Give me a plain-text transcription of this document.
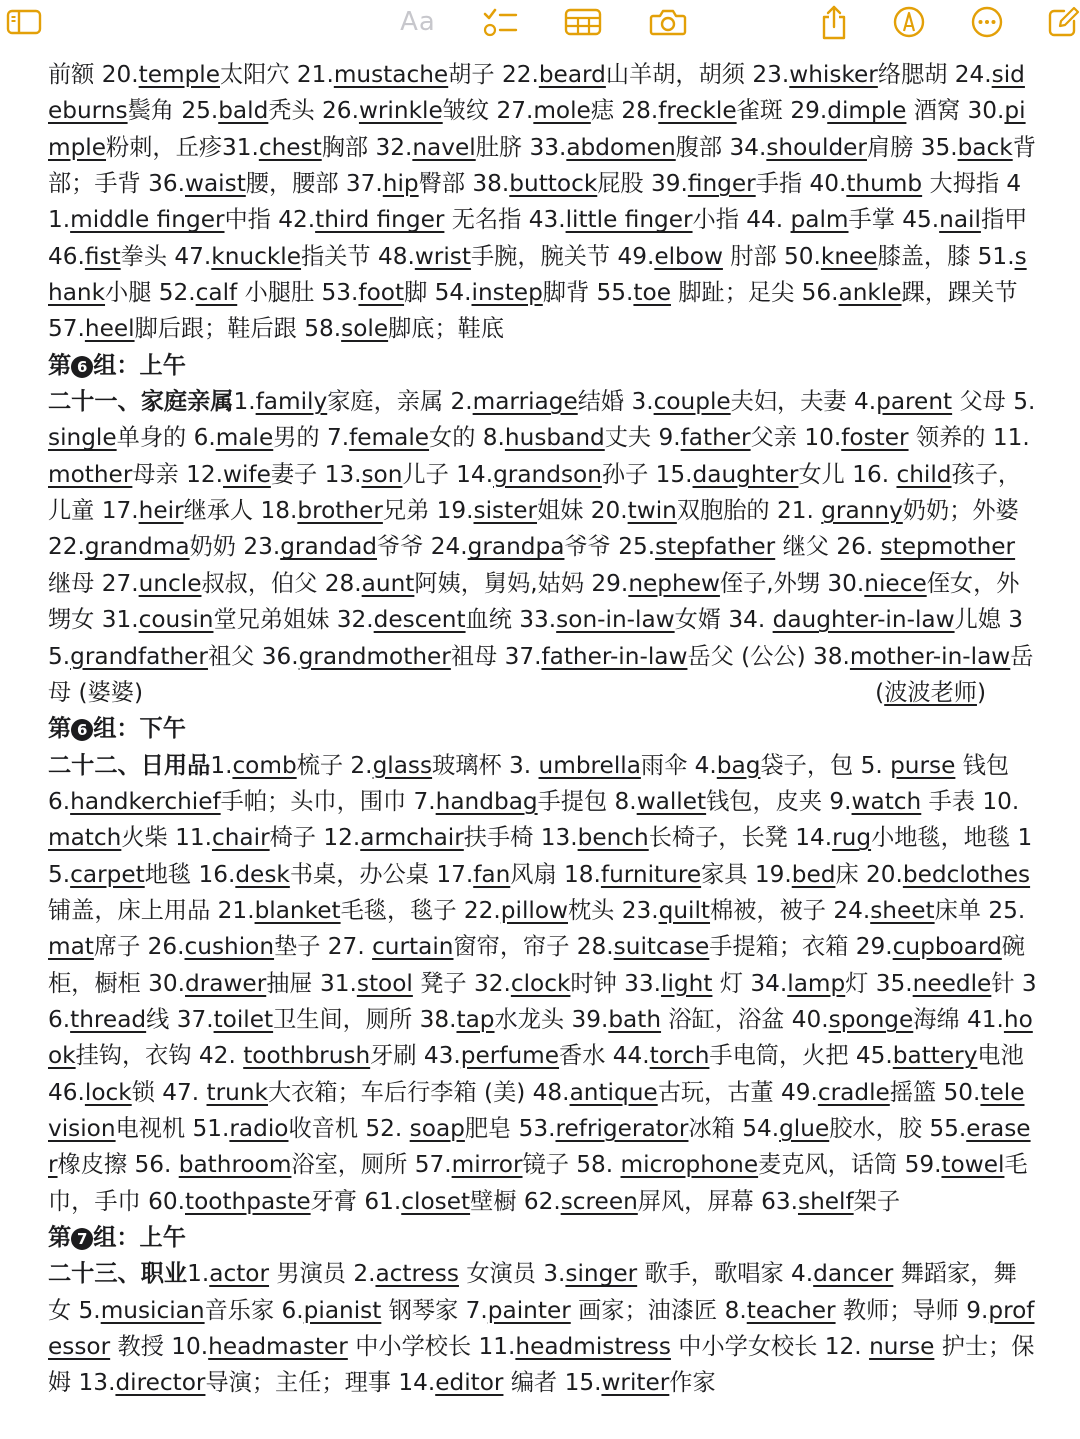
Aa

前额 20.temple太阳穴 21.mustache胡子 22.beard山羊胡，胡须 23.whisker络腮胡 24.sideburns鬓角 25.bald秃头 26.wrinkle皱纹 27.mole痣 28.freckle雀斑 29.dimple 酒窝 30.pimple粉刺，丘疹31.chest胸部 32.navel肚脐 33.abdomen腹部 34.shoulder肩膀 35.back背部；手背 36.waist腰，腰部 37.hip臀部 38.buttock屁股 39.finger手指 40.thumb 大拇指 41.middle finger中指 42.third finger 无名指 43.little finger小指 44. palm手掌 45.nail指甲 46.fist拳头 47.knuckle指关节 48.wrist手腕，腕关节 49.elbow 肘部 50.knee膝盖，膝 51.shank小腿 52.calf 小腿肚 53.foot脚 54.instep脚背 55.toe 脚趾；足尖 56.ankle踝，踝关节 57.heel脚后跟；鞋后跟 58.sole脚底；鞋底

第 6 组：上午

二十一、家庭亲属1.family家庭，亲属 2.marriage结婚 3.couple夫妇，夫妻 4.parent 父母 5. single单身的 6.male男的 7.female女的 8.husband丈夫 9.father父亲 10.foster 领养的 11.mother母亲 12.wife妻子 13.son儿子 14.grandson孙子 15.daughter女儿 16. child孩子，儿童 17.heir继承人 18.brother兄弟 19.sister姐妹 20.twin双胞胎的 21. granny奶奶；外婆 22.grandma奶奶 23.grandad爷爷 24.grandpa爷爷 25.stepfather 继父 26. stepmother继母 27.uncle叔叔，伯父 28.aunt阿姨，舅妈,姑妈 29.nephew侄子,外甥 30.niece侄女，外甥女 31.cousin堂兄弟姐妹 32.descent血统 33.son-in-law女婿 34. daughter-in-law儿媳 35.grandfather祖父 36.grandmother祖母 37.father-in-law岳父 (公公) 38.mother-in-law岳母 (婆婆)	(波波老师)

第 6 组：下午

二十二、日用品1.comb梳子 2.glass玻璃杯 3. umbrella雨伞 4.bag袋子，包 5. purse 钱包 6.handkerchief手帕；头巾，围巾 7.handbag手提包 8.wallet钱包，皮夹 9.watch 手表 10.match火柴 11.chair椅子 12.armchair扶手椅 13.bench长椅子，长凳 14.rug小地毯，地毯 15.carpet地毯 16.desk书桌，办公桌 17.fan风扇 18.furniture家具 19.bed床 20.bedclothes铺盖，床上用品 21.blanket毛毯，毯子 22.pillow枕头 23.quilt棉被，被子 24.sheet床单 25.mat席子 26.cushion垫子 27. curtain窗帘，帘子 28.suitcase手提箱；衣箱 29.cupboard碗柜，橱柜 30.drawer抽屉 31.stool 凳子 32.clock时钟 33.light 灯 34.lamp灯 35.needle针 36.thread线 37.toilet卫生间，厕所 38.tap水龙头 39.bath 浴缸，浴盆 40.sponge海绵 41.hook挂钩，衣钩 42. toothbrush牙刷 43.perfume香水 44.torch手电筒，火把 45.battery电池 46.lock锁 47. trunk大衣箱；车后行李箱 (美) 48.antique古玩，古董 49.cradle摇篮 50.television电视机 51.radio收音机 52. soap肥皂 53.refrigerator冰箱 54.glue胶水，胶 55.eraser橡皮擦 56. bathroom浴室，厕所 57.mirror镜子 58. microphone麦克风，话筒 59.towel毛巾，手巾 60.toothpaste牙膏 61.closet壁橱 62.screen屏风，屏幕 63.shelf架子

第 7 组：上午

二十三、职业1.actor 男演员 2.actress 女演员 3.singer 歌手，歌唱家 4.dancer 舞蹈家，舞女 5.musician音乐家 6.pianist 钢琴家 7.painter 画家；油漆匠 8.teacher 教师；导师 9.professor 教授 10.headmaster 中小学校长 11.headmistress 中小学女校长 12. nurse 护士；保姆 13.director导演；主任；理事 14.editor 编者 15.writer作家
